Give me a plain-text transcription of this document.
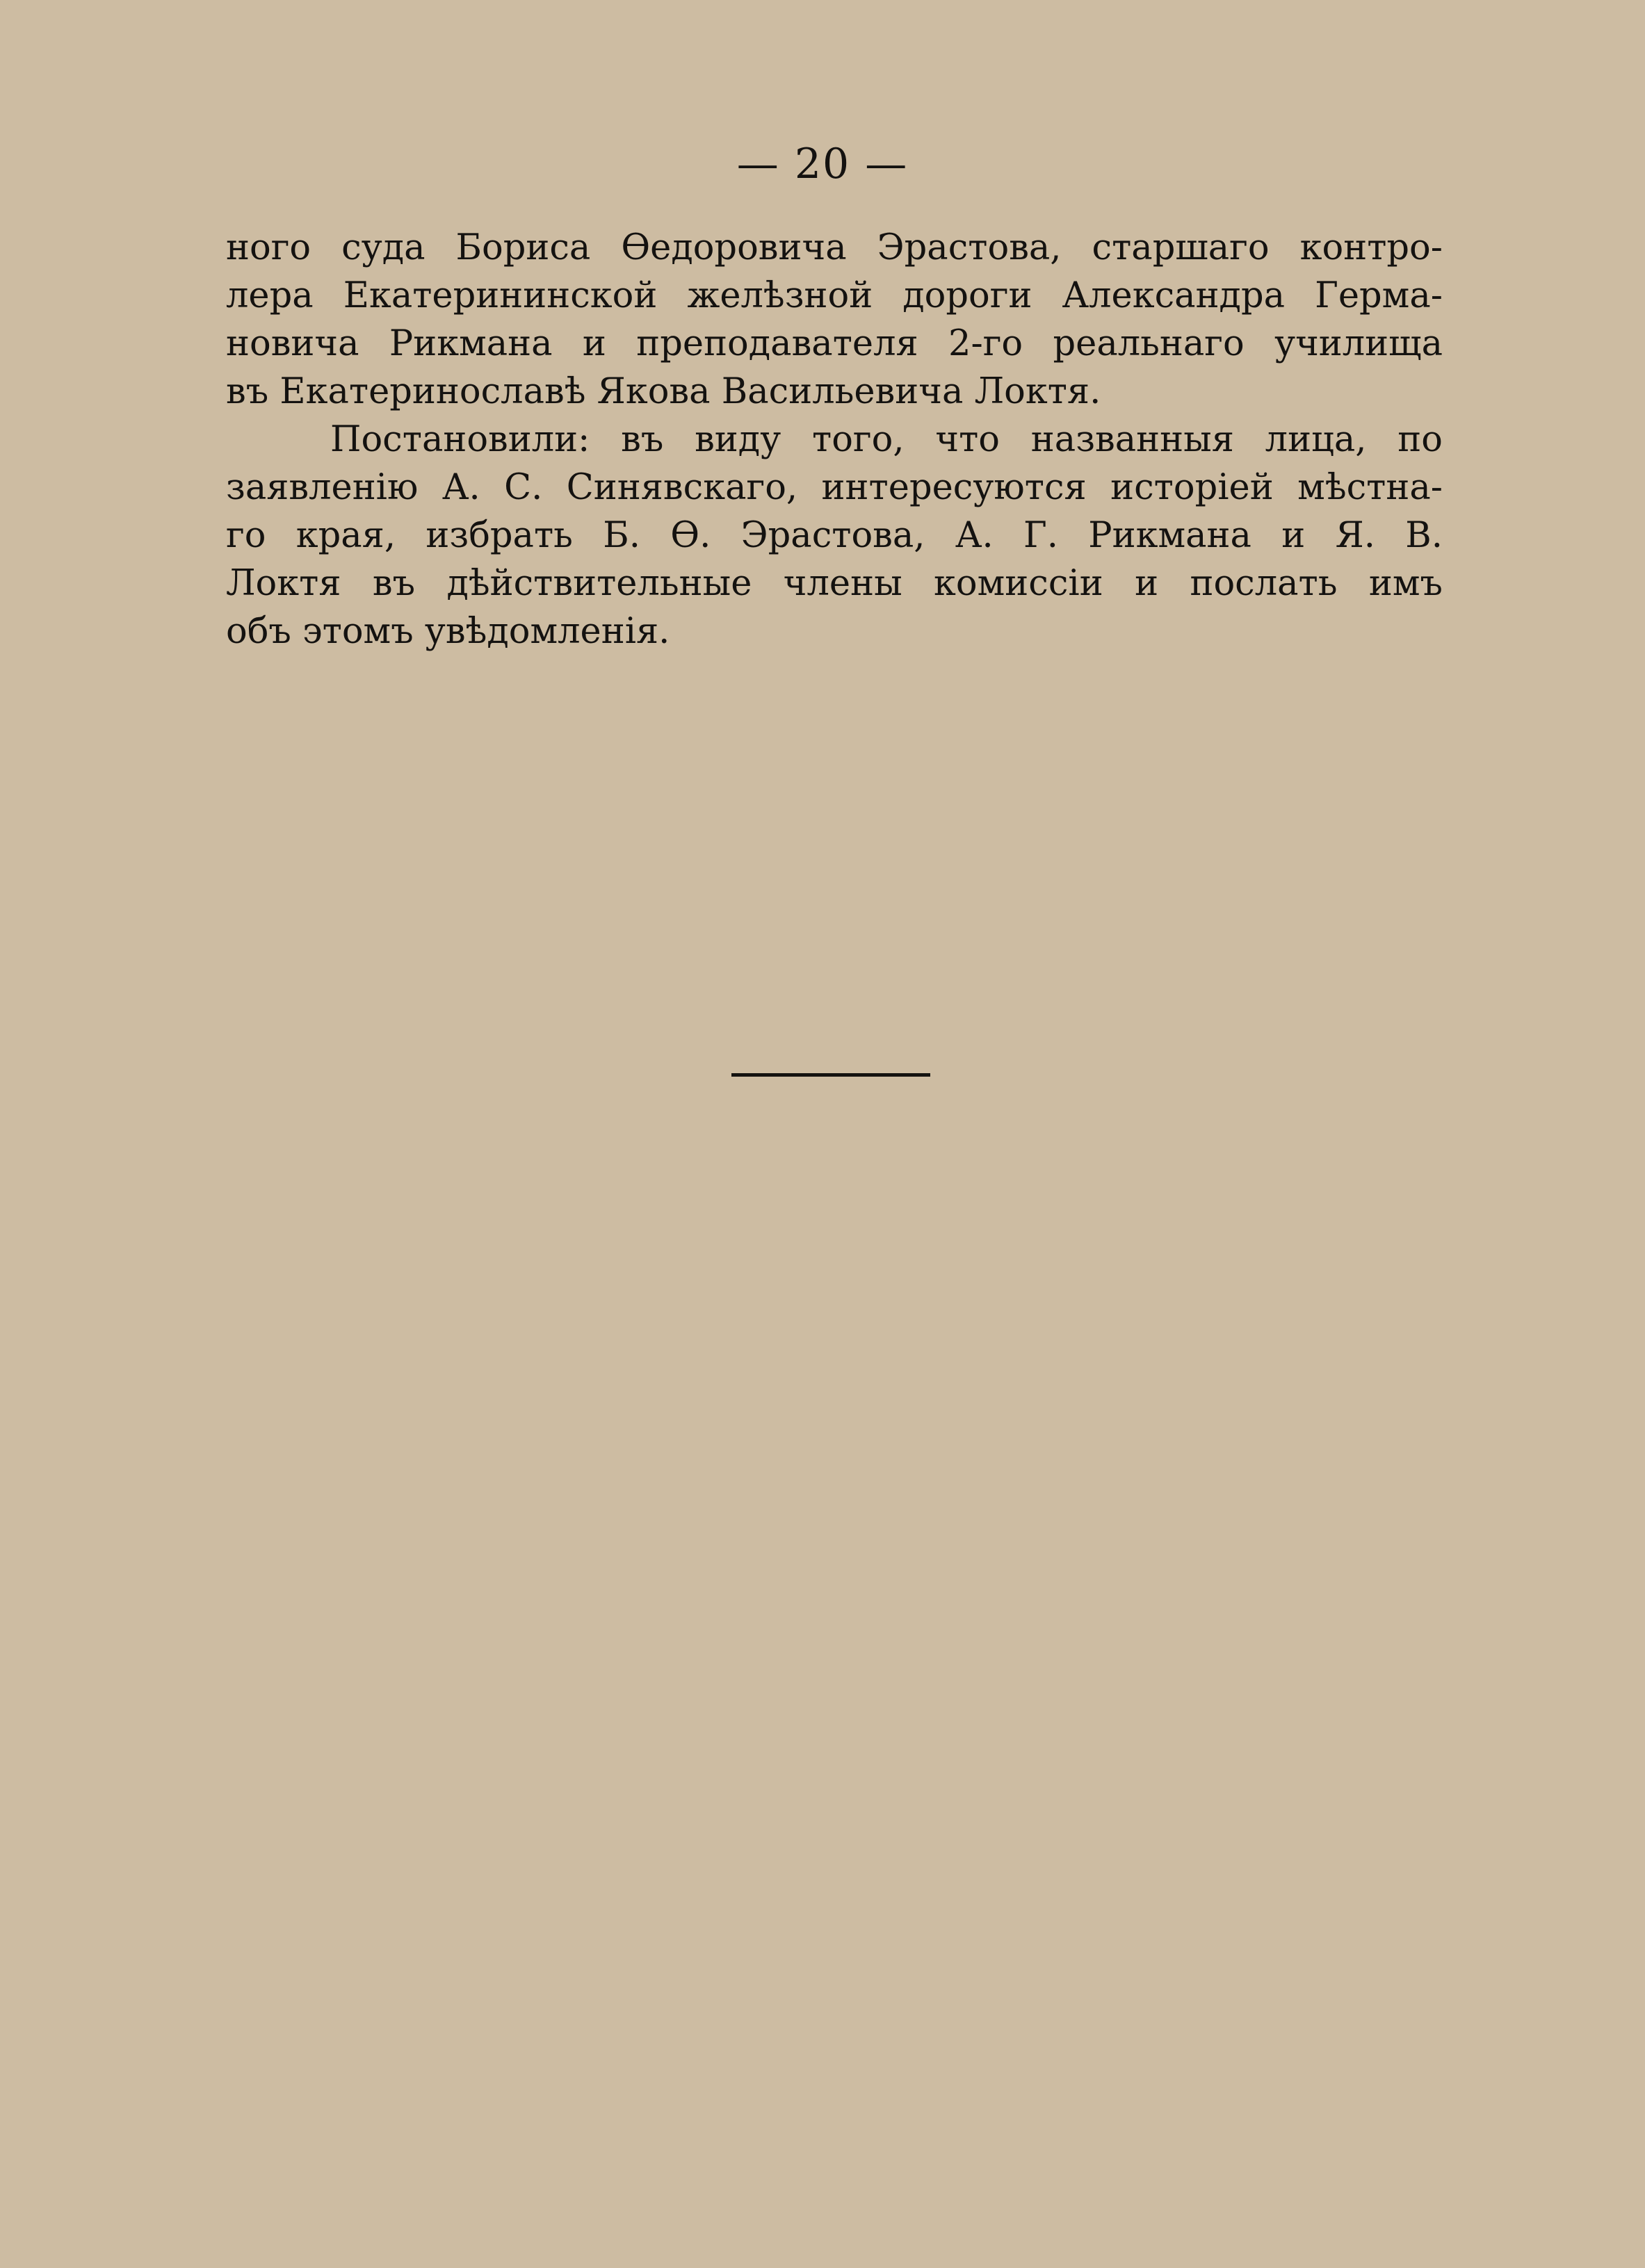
— 20 —
ного суда Бориса Өедоровича Эрастова, старшаго контро-
лера Екатерининской желѣзной дороги Александра Герма-
новича Рикмана и преподавателя 2-го реальнаго училища
въ Екатеринославѣ Якова Васильевича Локтя.
Постановили: въ виду того, что названныя лица, по
заявленію А. С. Синявскаго, интересуются исторіей мѣстна-
го края, избрать Б. Ө. Эрастова, А. Г. Рикмана и Я. В.
Локтя въ дѣйствительные члены комиссіи и послать имъ
объ этомъ увѣдомленія.
